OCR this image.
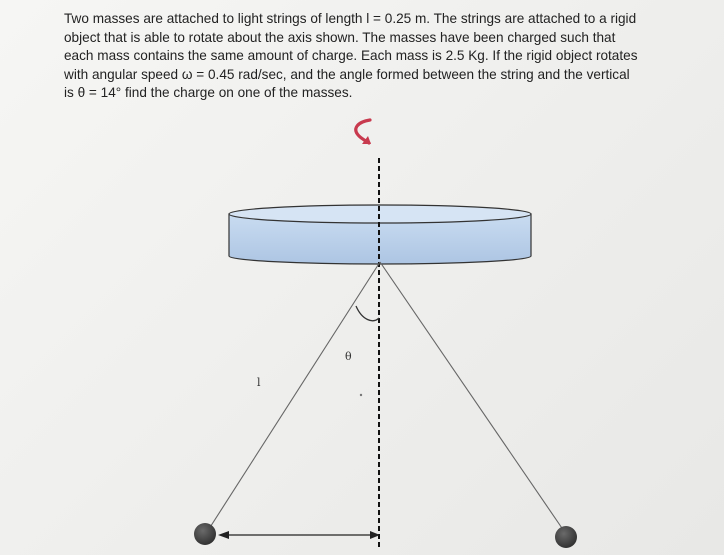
Two masses are attached to light strings of length l = 0.25 m. The strings are attached to a rigid
object that is able to rotate about the axis shown. The masses have been charged such that
each mass contains the same amount of charge. Each mass is 2.5 Kg. If the rigid object rotates
with angular speed ω = 0.45 rad/sec, and the angle formed between the string and the vertical
is θ = 14° find the charge on one of the masses.
θ
l
